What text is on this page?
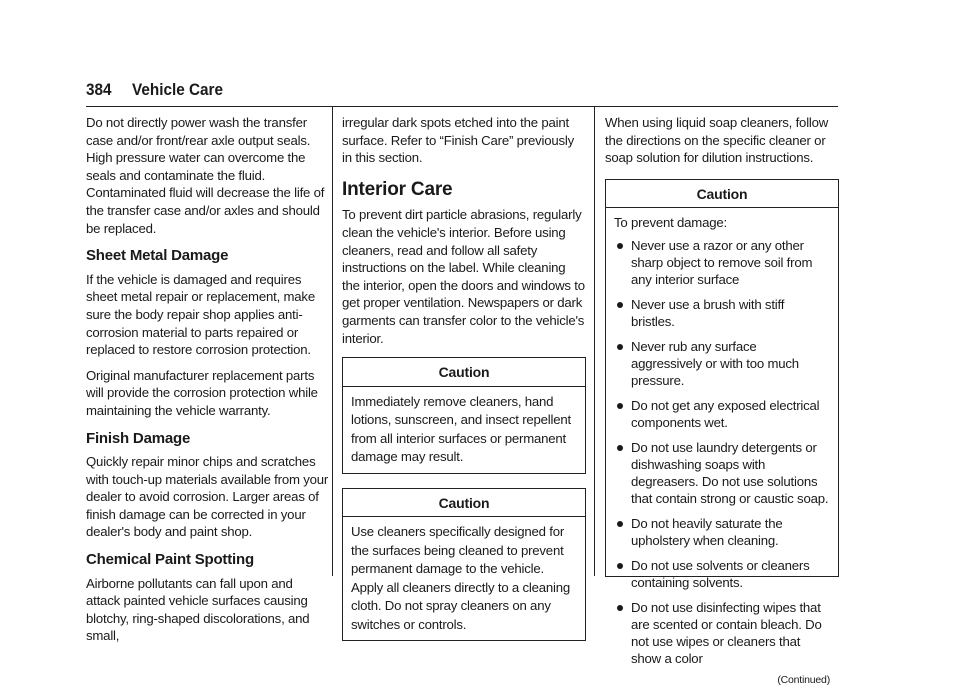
384 Vehicle Care

Do not directly power wash the transfer case and/or front/rear axle output seals. High pressure water can overcome the seals and contaminate the fluid. Contaminated fluid will decrease the life of the transfer case and/or axles and should be replaced.

Sheet Metal Damage

If the vehicle is damaged and requires sheet metal repair or replacement, make sure the body repair shop applies anti-corrosion material to parts repaired or replaced to restore corrosion protection.

Original manufacturer replacement parts will provide the corrosion protection while maintaining the vehicle warranty.

Finish Damage

Quickly repair minor chips and scratches with touch-up materials available from your dealer to avoid corrosion. Larger areas of finish damage can be corrected in your dealer's body and paint shop.

Chemical Paint Spotting

Airborne pollutants can fall upon and attack painted vehicle surfaces causing blotchy, ring-shaped discolorations, and small,

irregular dark spots etched into the paint surface. Refer to “Finish Care” previously in this section.

Interior Care

To prevent dirt particle abrasions, regularly clean the vehicle's interior. Before using cleaners, read and follow all safety instructions on the label. While cleaning the interior, open the doors and windows to get proper ventilation. Newspapers or dark garments can transfer color to the vehicle's interior.

Caution
Immediately remove cleaners, hand lotions, sunscreen, and insect repellent from all interior surfaces or permanent damage may result.
Caution
Use cleaners specifically designed for the surfaces being cleaned to prevent permanent damage to the vehicle. Apply all cleaners directly to a cleaning cloth. Do not spray cleaners on any switches or controls.

When using liquid soap cleaners, follow the directions on the specific cleaner or soap solution for dilution instructions.

Caution
To prevent damage:
Never use a razor or any other sharp object to remove soil from any interior surface
Never use a brush with stiff bristles.
Never rub any surface aggressively or with too much pressure.
Do not get any exposed electrical components wet.
Do not use laundry detergents or dishwashing soaps with degreasers. Do not use solutions that contain strong or caustic soap.
Do not heavily saturate the upholstery when cleaning.
Do not use solvents or cleaners containing solvents.
Do not use disinfecting wipes that are scented or contain bleach. Do not use wipes or cleaners that show a color
(Continued)
